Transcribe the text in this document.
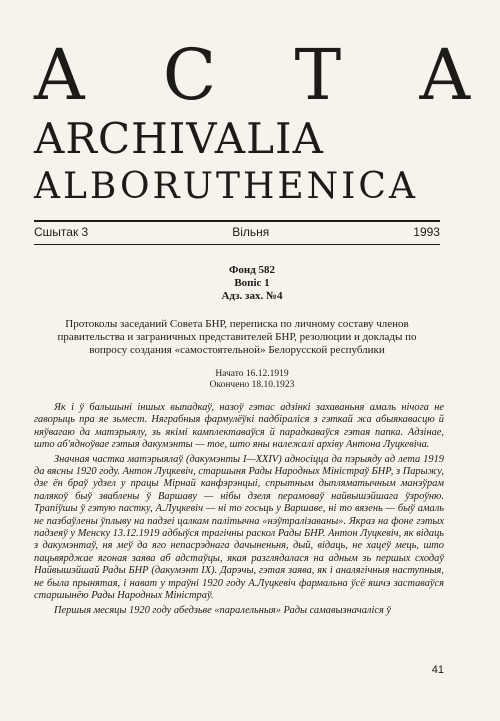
A C T A
ARCHIVALIA
ALBORUTHENICA
Сшытак 3	Вільня	1993
Фонд 582
Вопіс 1
Адз. зах. №4
Протоколы заседаний Совета БНР, переписка по личному составу членов
правительства и заграничных представителей БНР, резолюции и доклады по
вопросу создания «самостоятельной» Белорусской республики
Начато 16.12.1919
Окончено 18.10.1923

Як і ў бальшыні іншых выпадкаў, назоў гэтас адзінкі захаваньня амаль нічога не гаворыць пра яе зьмест. Няграбныя фармулёўкі падбіраліся з гэткай жа абыякавасцю й няўвагаю да матэрыялу, зь якімі камплектаваўся й парадкаваўся гэтая папка. Адзінае, што аб'ядноўвае гэтыя дакумэнты — тое, што яны належалі архіву Антона Луцкевіча.

Значная частка матэрыялаў (дакумэнты I—XXIV) адносіцца да пэрыяду ад лета 1919 да вясны 1920 году. Антон Луцкевіч, старшыня Рады Народных Міністраў БНР, з Парыжу, дзе ён браў удзел у працы Мірнай канфэрэнцыі, спрытным дыпляматычным манэўрам палякоў быў зваблены ў Варшаву — нібы дзеля перамоваў найвышэйшага ўзроўню. Трапіўшы ў гэтую пастку, А.Луцкевіч — ні то госьць у Варшаве, ні то вязень — быў амаль не пазбаўлены ўплыву на падзеі цалкам палітычна «нэўтралізаваны». Якраз на фоне гэтых падзеяў у Менску 13.12.1919 адбыўся трагічны раскол Рады БНР. Антон Луцкевіч, як відаць з дакумэнтаў, ня меў да яго непасрэднага дачыненьня, дый, відаць, не хацеў мець, што пацьвярджае ягоная заява аб адстаўцы, якая разглядалася на адным зь першых сходаў Найвышэйшай Рады БНР (дакумэнт IX). Дарэчы, гэтая заява, як і аналягічныя наступныя, не была прынятая, і нават у траўні 1920 году А.Луцкевіч фармальна ўсё яшчэ заставаўся старшынёю Рады Народных Міністраў.

Першыя месяцы 1920 году абедзьве «паралельныя» Рады самавызначаліся ў

41
